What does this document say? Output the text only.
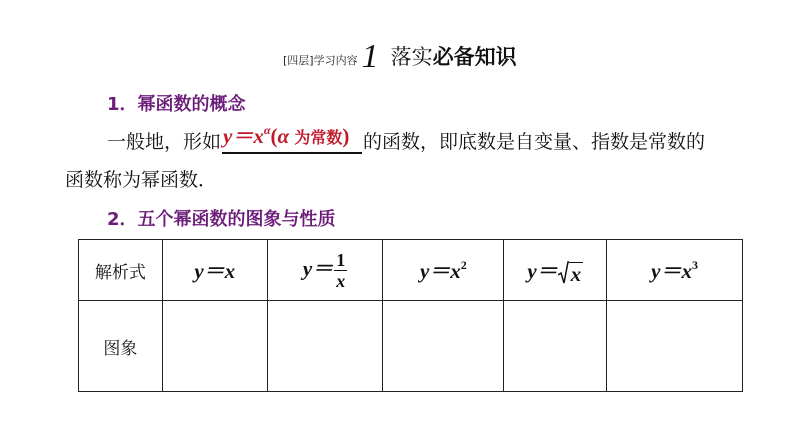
[四层]学习内容 1 落实 必备知识
1．幂函数的概念
一般地，形如 $y=x^\alpha(\alpha$ 为常数) 的函数，即底数是自变量、指数是常数的
函数称为幂函数．
2．五个幂函数的图象与性质
解析式	y＝x	$y= \frac{1}{x}$	$y=x^2$	y＝ x	$y=x^3$
图象					
